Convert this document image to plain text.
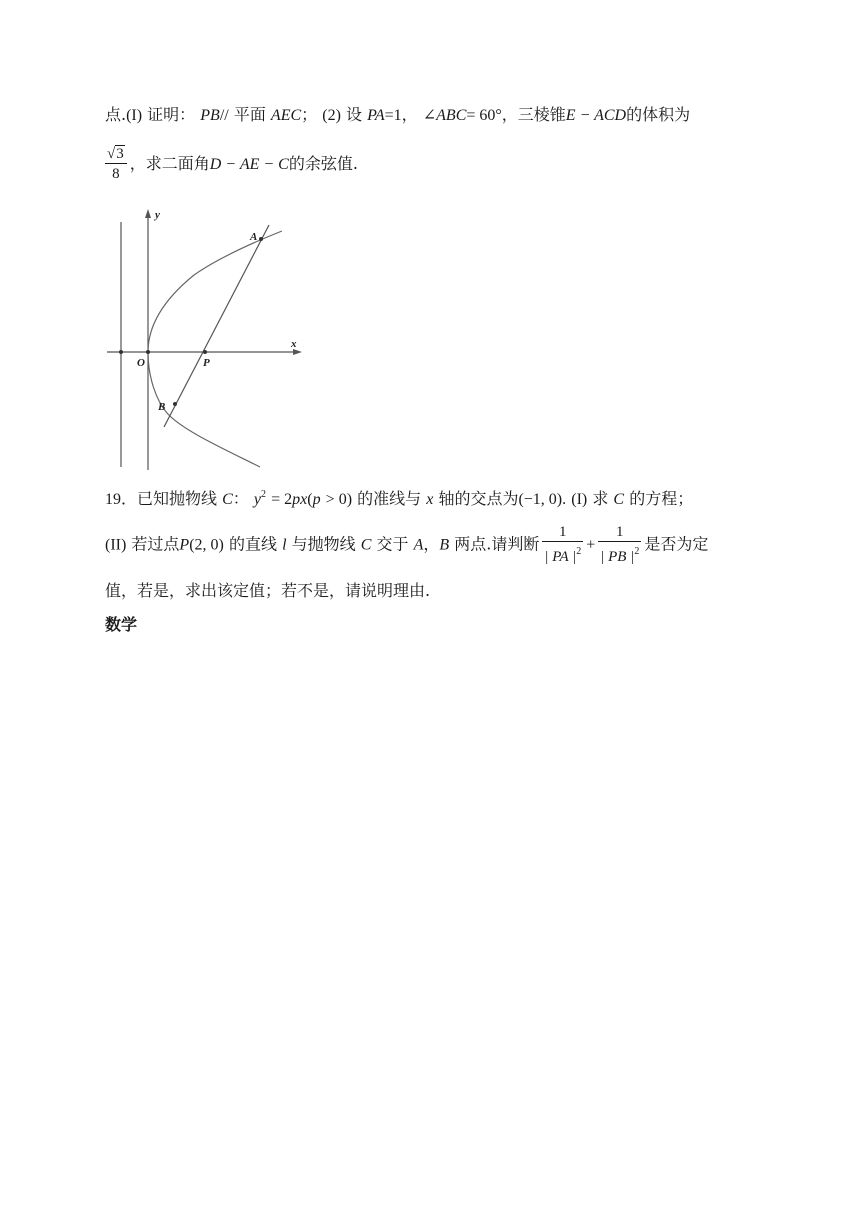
点.(I) 证明： PB// 平面 AEC； (2) 设 PA=1， ∠ABC= 60°，三棱锥E − ACD的体积为
$\frac{√3}{8}$ ，求二面角D − AE − C的余弦值.
y
x
O	P
A
B
19．已知抛物线 C： $y^2 = 2px(p > 0)$ 的准线与 x 轴的交点为(−1, 0). (I) 求 C 的方程；
(II) 若过点P(2, 0) 的直线 l 与抛物线 C 交于 A，B 两点.请判断 $\frac{1}{| PA |^2} + \frac{1}{| PB |^2}$ 是否为定
值，若是，求出该定值；若不是，请说明理由.
数学
